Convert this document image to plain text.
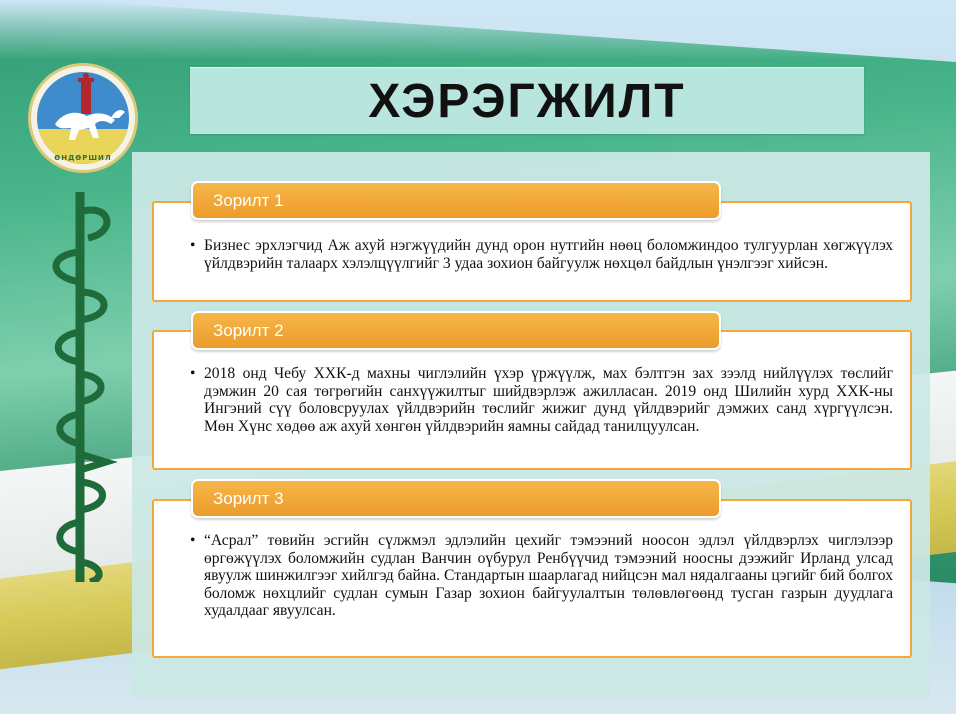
ӨНДӨРШИЛ
ХЭРЭГЖИЛТ

• Бизнес эрхлэгчид Аж ахуй нэгжүүдийн дунд орон нутгийн нөөц боломжиндоо тулгуурлан хөгжүүлэх үйлдвэрийн талаарх хэлэлцүүлгийг 3 удаа зохион байгуулж нөхцөл байдлын үнэлгээг хийсэн.

Зорилт 1

• 2018 онд Чебу ХХК-д махны чиглэлийн үхэр үржүүлж, мах бэлтгэн зах зээлд нийлүүлэх төслийг дэмжин 20 сая төгрөгийн санхүүжилтыг шийдвэрлэж ажилласан. 2019 онд Шилийн хурд ХХК-ны Ингэний сүү боловсруулах үйлдвэрийн төслийг жижиг дунд үйлдвэрийг дэмжих санд хүргүүлсэн. Мөн Хүнс хөдөө аж ахуй хөнгөн үйлдвэрийн яамны сайдад танилцуулсан.

Зорилт 2

• “Асрал” төвийн эсгийн сүлжмэл эдлэлийн цехийг тэмээний ноосон эдлэл үйлдвэрлэх чиглэлээр өргөжүүлэх боломжийн судлан Ванчин оүбурул Ренбүүчид тэмээний ноосны дээжийг Ирланд улсад явуулж шинжилгээг хийлгэд байна. Стандартын шаарлагад нийцсэн мал нядалгааны цэгийг бий болгох боломж нөхцлийг судлан сумын Газар зохион байгуулалтын төлөвлөгөөнд тусган газрын дуудлага худалдааг явуулсан.

Зорилт 3
